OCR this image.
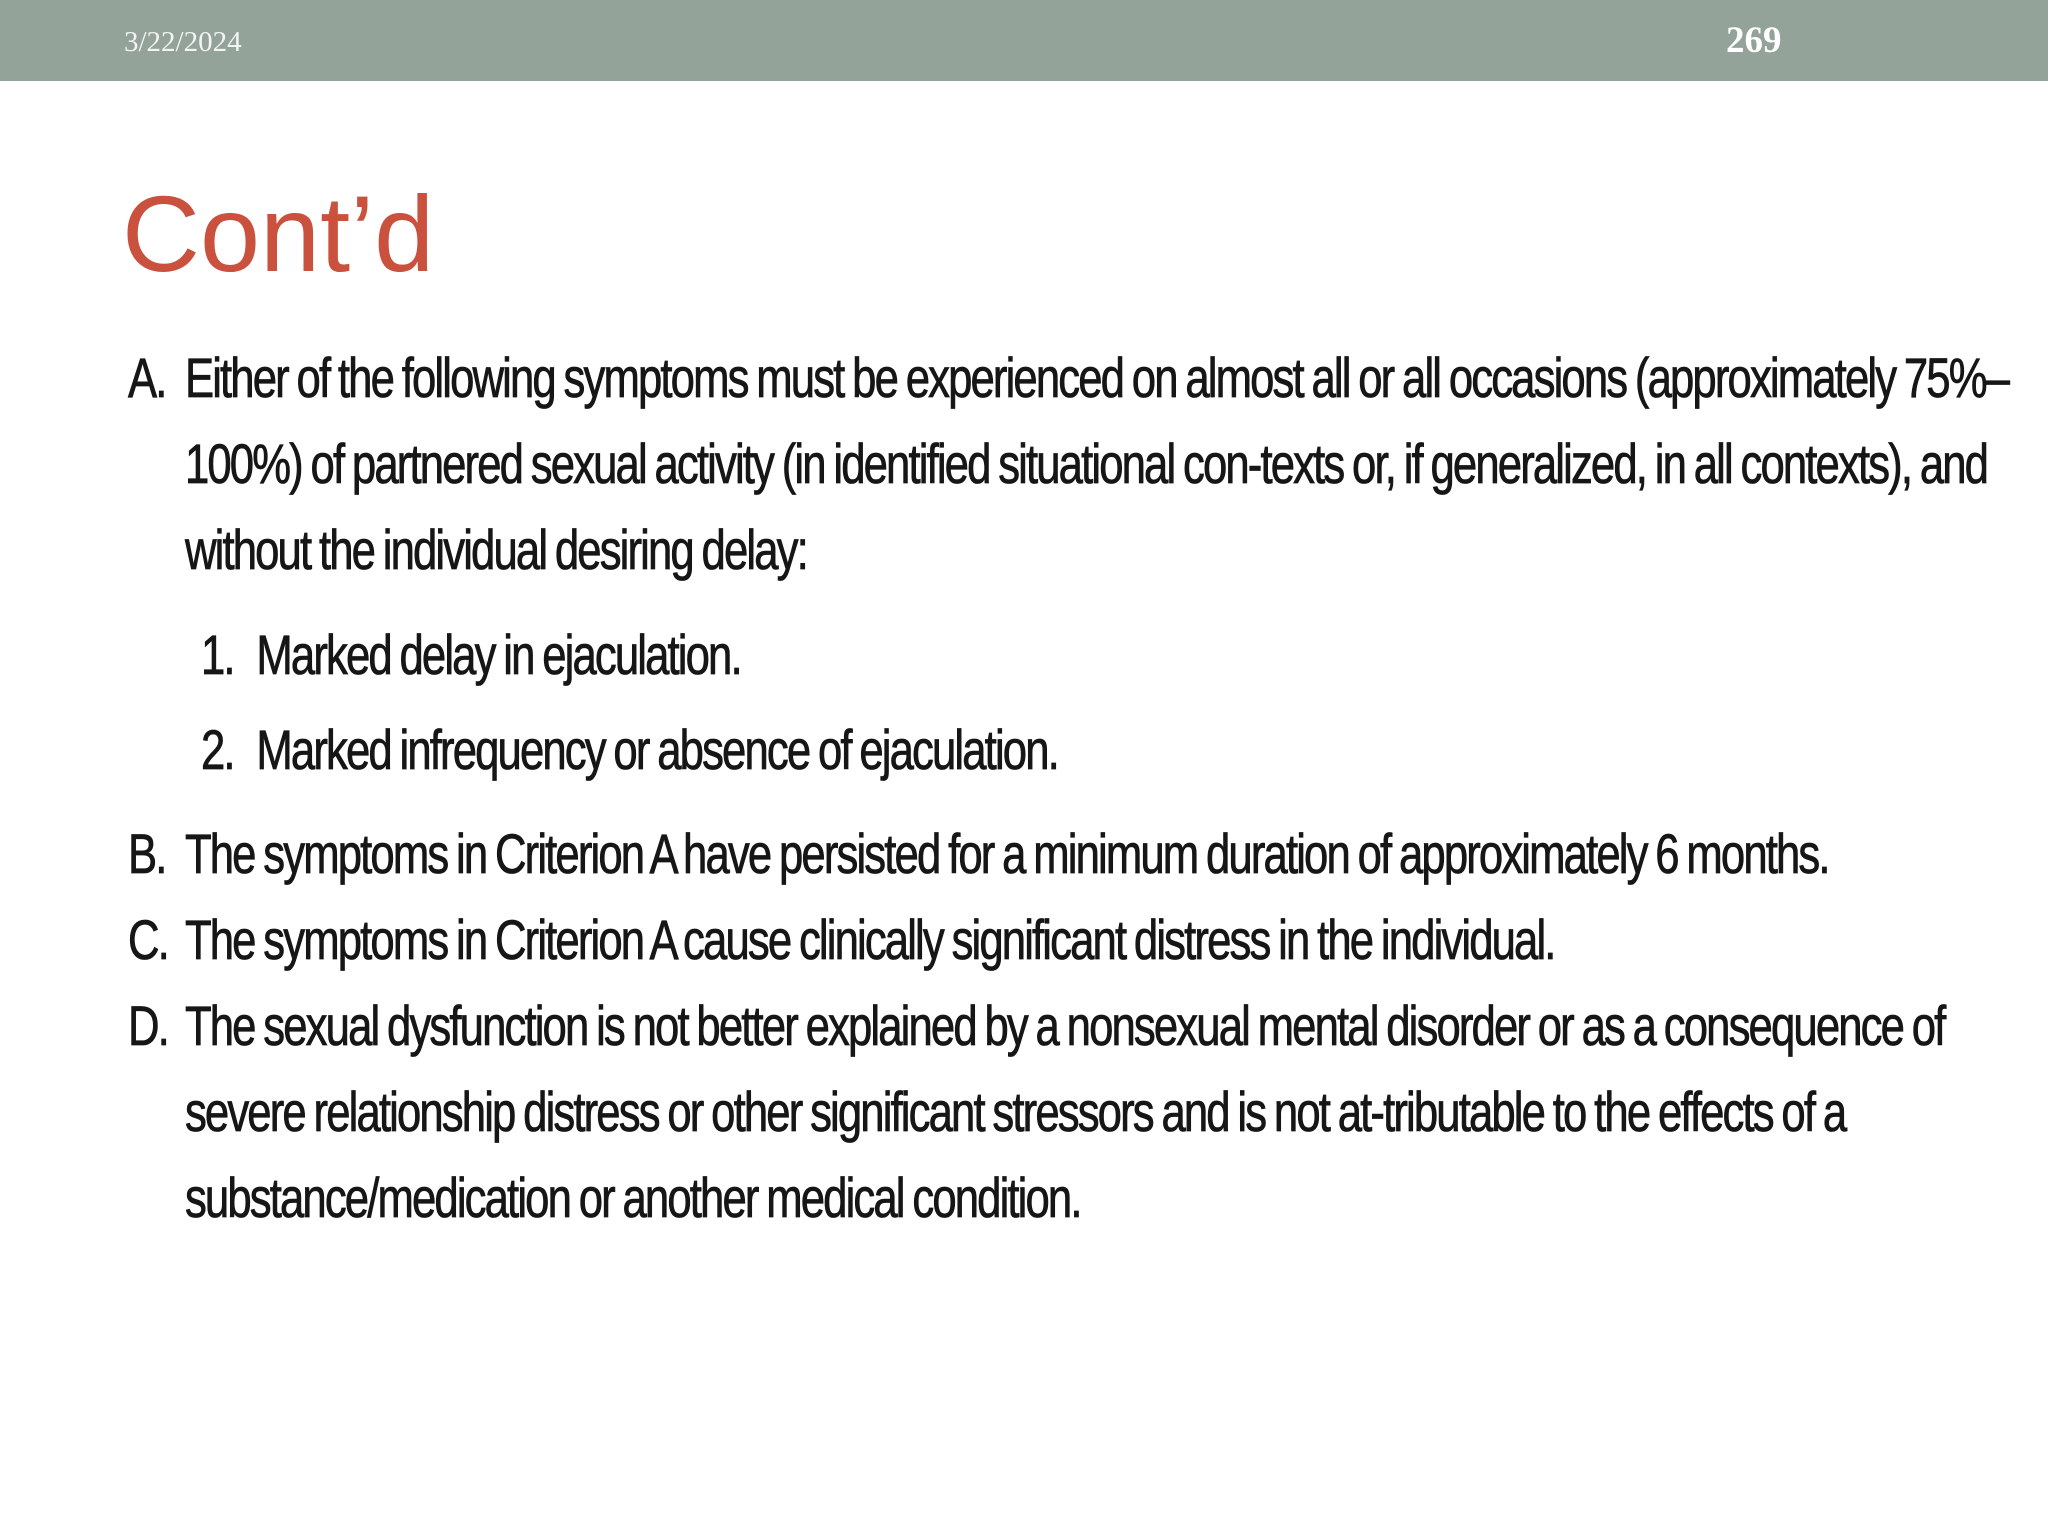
3/22/2024	269
Cont’d
A. Either of the following symptoms must be experienced on almost all or all occasions (approximately 75%–100%) of partnered sexual activity (in identified situational con-texts or, if generalized, in all contexts), and without the individual desiring delay:
1. Marked delay in ejaculation.
2. Marked infrequency or absence of ejaculation.
B. The symptoms in Criterion A have persisted for a minimum duration of approximately 6 months.
C. The symptoms in Criterion A cause clinically significant distress in the individual.
D. The sexual dysfunction is not better explained by a nonsexual mental disorder or as a consequence of severe relationship distress or other significant stressors and is not at-tributable to the effects of a substance/medication or another medical condition.
